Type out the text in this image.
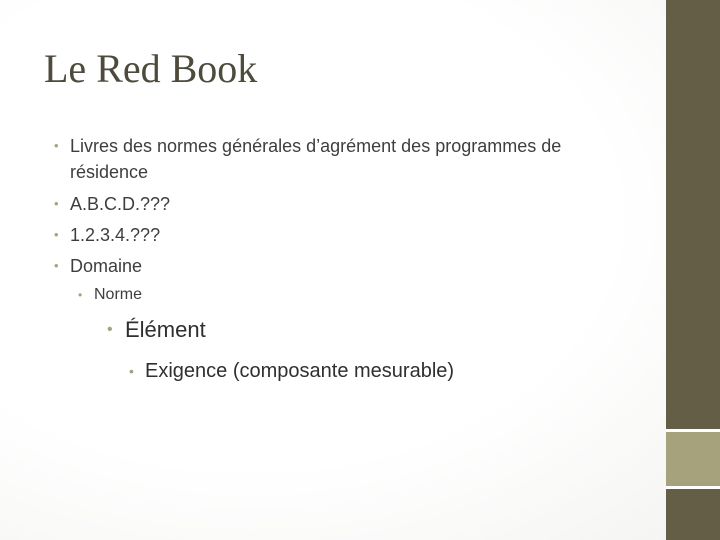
Le Red Book
• Livres des normes générales d’agrément des programmes de
résidence
• A.B.C.D.???
• 1.2.3.4.???
• Domaine
• Norme
• Élément
• Exigence (composante mesurable)
